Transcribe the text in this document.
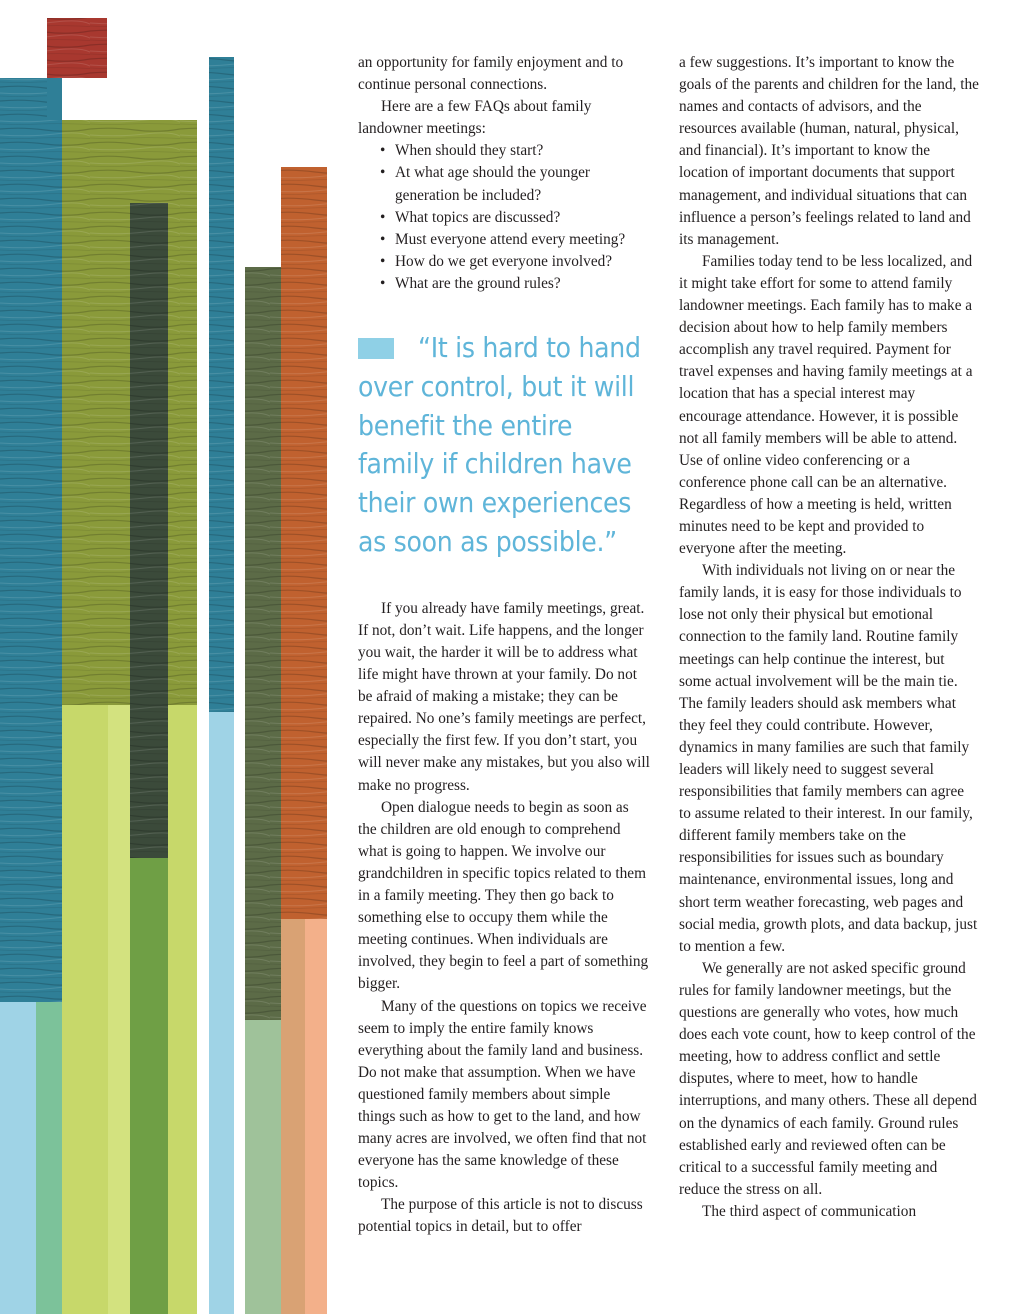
an opportunity for family enjoyment and to continue personal connections.

Here are a few FAQs about family landowner meetings:

• When should they start?
• At what age should the younger generation be included?
• What topics are discussed?
• Must everyone attend every meeting?
• How do we get everyone involved?
• What are the ground rules?
“It is hard to hand over control, but it will benefit the entire family if children have their own experiences as soon as possible.”

If you already have family meetings, great. If not, don’t wait. Life happens, and the longer you wait, the harder it will be to address what life might have thrown at your family. Do not be afraid of making a mistake; they can be repaired. No one’s family meetings are perfect, especially the first few. If you don’t start, you will never make any mistakes, but you also will make no progress.

Open dialogue needs to begin as soon as the children are old enough to comprehend what is going to happen. We involve our grandchildren in specific topics related to them in a family meeting. They then go back to something else to occupy them while the meeting continues. When individuals are involved, they begin to feel a part of something bigger.

Many of the questions on topics we receive seem to imply the entire family knows everything about the family land and business. Do not make that assumption. When we have questioned family members about simple things such as how to get to the land, and how many acres are involved, we often find that not everyone has the same knowledge of these topics.

The purpose of this article is not to discuss potential topics in detail, but to offer

a few suggestions. It’s important to know the goals of the parents and children for the land, the names and contacts of advisors, and the resources available (human, natural, physical, and financial). It’s important to know the location of important documents that support management, and individual situations that can influence a person’s feelings related to land and its management.

Families today tend to be less localized, and it might take effort for some to attend family landowner meetings. Each family has to make a decision about how to help family members accomplish any travel required. Payment for travel expenses and having family meetings at a location that has a special interest may encourage attendance. However, it is possible not all family members will be able to attend. Use of online video conferencing or a conference phone call can be an alternative. Regardless of how a meeting is held, written minutes need to be kept and provided to everyone after the meeting.

With individuals not living on or near the family lands, it is easy for those individuals to lose not only their physical but emotional connection to the family land. Routine family meetings can help continue the interest, but some actual involvement will be the main tie. The family leaders should ask members what they feel they could contribute. However, dynamics in many families are such that family leaders will likely need to suggest several responsibilities that family members can agree to assume related to their interest. In our family, different family members take on the responsibilities for issues such as boundary maintenance, environmental issues, long and short term weather forecasting, web pages and social media, growth plots, and data backup, just to mention a few.

We generally are not asked specific ground rules for family landowner meetings, but the questions are generally who votes, how much does each vote count, how to keep control of the meeting, how to address conflict and settle disputes, where to meet, how to handle interruptions, and many others. These all depend on the dynamics of each family. Ground rules established early and reviewed often can be critical to a successful family meeting and reduce the stress on all.

The third aspect of communication
